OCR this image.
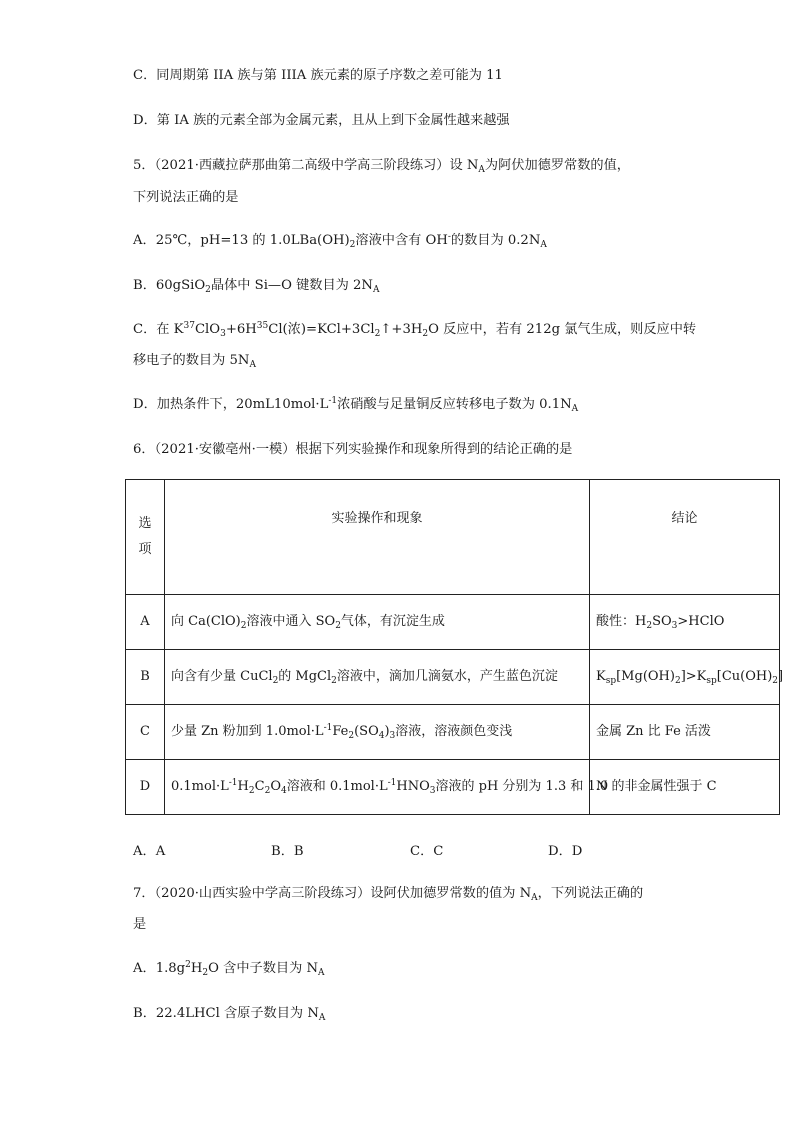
C．同周期第 IIA 族与第 IIIA 族元素的原子序数之差可能为 11
D．第 IA 族的元素全部为金属元素，且从上到下金属性越来越强
5．（2021·西藏拉萨那曲第二高级中学高三阶段练习）设 $N_A$为阿伏加德罗常数的值，
下列说法正确的是
A．25℃，pH=13 的 $1.0LBa(OH)_2$溶液中含有 OH-的数目为 $0.2N_A$
B．60gSiO$_2$晶体中 Si—O 键数目为 $2N_A$
C．在 $K^{37}ClO_3+6H^{35}Cl$(浓)$=KCl+3Cl_2↑+3H_2O$ 反应中，若有 212g 氯气生成，则反应中转
移电子的数目为 $5N_A$
D．加热条件下，$20mL10mol\cdot L^{-1}$浓硝酸与足量铜反应转移电子数为 $0.1N_A$
6．（2021·安徽亳州·一模）根据下列实验操作和现象所得到的结论正确的是
选
项	实验操作和现象	结论
A	向 $Ca(ClO)_2$溶液中通入 $SO_2$气体，有沉淀生成	酸性：$H_2SO_3>HClO$
B	向含有少量 CuCl$_2$的 MgCl$_2$溶液中，滴加几滴氨水，产生蓝色沉淀	$K_{sp}[Mg(OH)_2]>K_{sp}[Cu(OH)_2]$
C	少量 Zn 粉加到 $1.0mol\cdot L^{-1}Fe_2(SO_4)_3$溶液，溶液颜色变浅	金属 Zn 比 Fe 活泼
D	$0.1mol\cdot L^{-1}H_2C_2O_4$溶液和 $0.1mol\cdot L^{-1}HNO_3$溶液的 pH 分别为 1.3 和 1.0	N 的非金属性强于 C
A．A	B．B	C．C	D．D
7．（2020·山西实验中学高三阶段练习）设阿伏加德罗常数的值为 $N_A$，下列说法正确的
是
A．$1.8g^2H_2O$ 含中子数目为 $N_A$
B．22.4LHCl 含原子数目为 $N_A$
